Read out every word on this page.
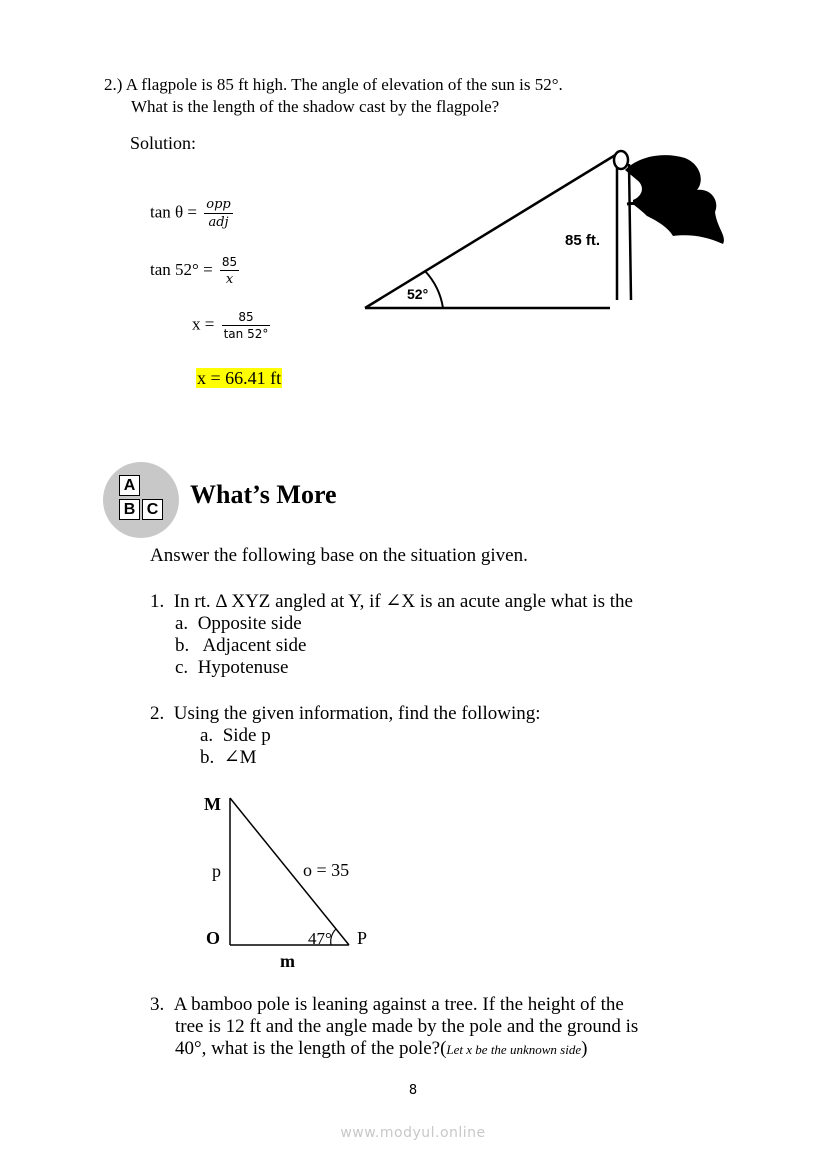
2.) A flagpole is 85 ft high. The angle of elevation of the sun is 52°.
What is the length of the shadow cast by the flagpole?
Solution:
$\tan \theta = \frac{\text{opp}}{\text{adj}}$
$\tan 52^\circ = \frac{85}{x}$
$x = \frac{85}{\tan 52^\circ}$
x = 66.41 ft
52°
85 ft.
A
B C
What’s More
Answer the following base on the situation given.
1. In rt. Δ XYZ angled at Y, if ∠X is an acute angle what is the
a. Opposite side
b.   Adjacent side
c. Hypotenuse
2. Using the given information, find the following:
a. Side p
b. ∠M
M
O	P
p
m
o = 35
47°
3. A bamboo pole is leaning against a tree. If the height of the
tree is 12 ft and the angle made by the pole and the ground is
40°, what is the length of the pole?(Let x be the unknown side)
8
www.modyul.online
